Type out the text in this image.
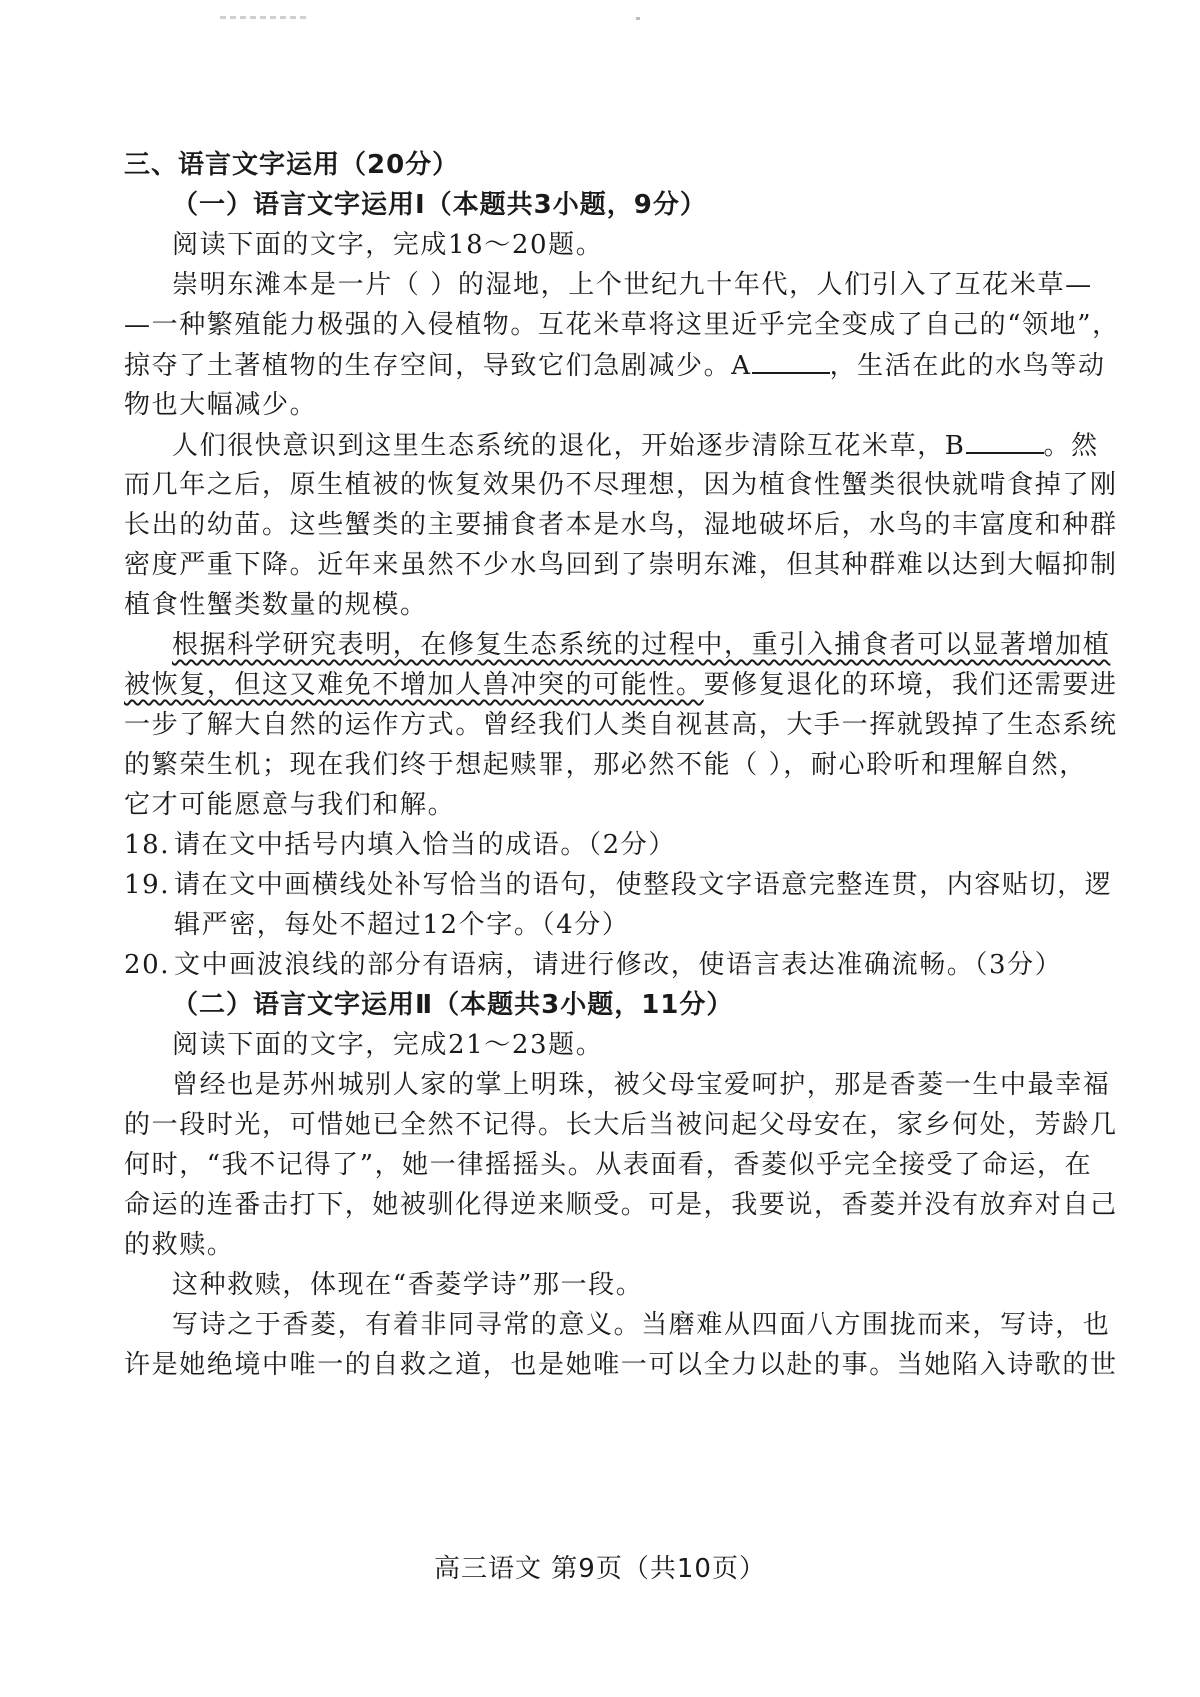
三、语言文字运用（20分）
（一）语言文字运用Ⅰ（本题共3小题，9分）
阅读下面的文字，完成18～20题。
崇明东滩本是一片（ ）的湿地，上个世纪九十年代，人们引入了互花米草—
—一种繁殖能力极强的入侵植物。互花米草将这里近乎完全变成了自己的“领地”，
掠夺了土著植物的生存空间，导致它们急剧减少。A	，生活在此的水鸟等动
物也大幅减少。
人们很快意识到这里生态系统的退化，开始逐步清除互花米草，B	。然
而几年之后，原生植被的恢复效果仍不尽理想，因为植食性蟹类很快就啃食掉了刚
长出的幼苗。这些蟹类的主要捕食者本是水鸟，湿地破坏后，水鸟的丰富度和种群
密度严重下降。近年来虽然不少水鸟回到了崇明东滩，但其种群难以达到大幅抑制
植食性蟹类数量的规模。
根据科学研究表明，在修复生态系统的过程中，重引入捕食者可以显著增加植
被恢复，但这又难免不增加人兽冲突的可能性。要修复退化的环境，我们还需要进
一步了解大自然的运作方式。曾经我们人类自视甚高，大手一挥就毁掉了生态系统
的繁荣生机；现在我们终于想起赎罪，那必然不能（ ），耐心聆听和理解自然，
它才可能愿意与我们和解。
18. 请在文中括号内填入恰当的成语。（2分）
19. 请在文中画横线处补写恰当的语句，使整段文字语意完整连贯，内容贴切，逻
辑严密，每处不超过12个字。（4分）
20. 文中画波浪线的部分有语病，请进行修改，使语言表达准确流畅。（3分）
（二）语言文字运用Ⅱ（本题共3小题，11分）
阅读下面的文字，完成21～23题。
曾经也是苏州城别人家的掌上明珠，被父母宝爱呵护，那是香菱一生中最幸福
的一段时光，可惜她已全然不记得。长大后当被问起父母安在，家乡何处，芳龄几
何时，“我不记得了”，她一律摇摇头。从表面看，香菱似乎完全接受了命运，在
命运的连番击打下，她被驯化得逆来顺受。可是，我要说，香菱并没有放弃对自己
的救赎。
这种救赎，体现在“香菱学诗”那一段。
写诗之于香菱，有着非同寻常的意义。当磨难从四面八方围拢而来，写诗，也
许是她绝境中唯一的自救之道，也是她唯一可以全力以赴的事。当她陷入诗歌的世
高三语文 第9页（共10页）
